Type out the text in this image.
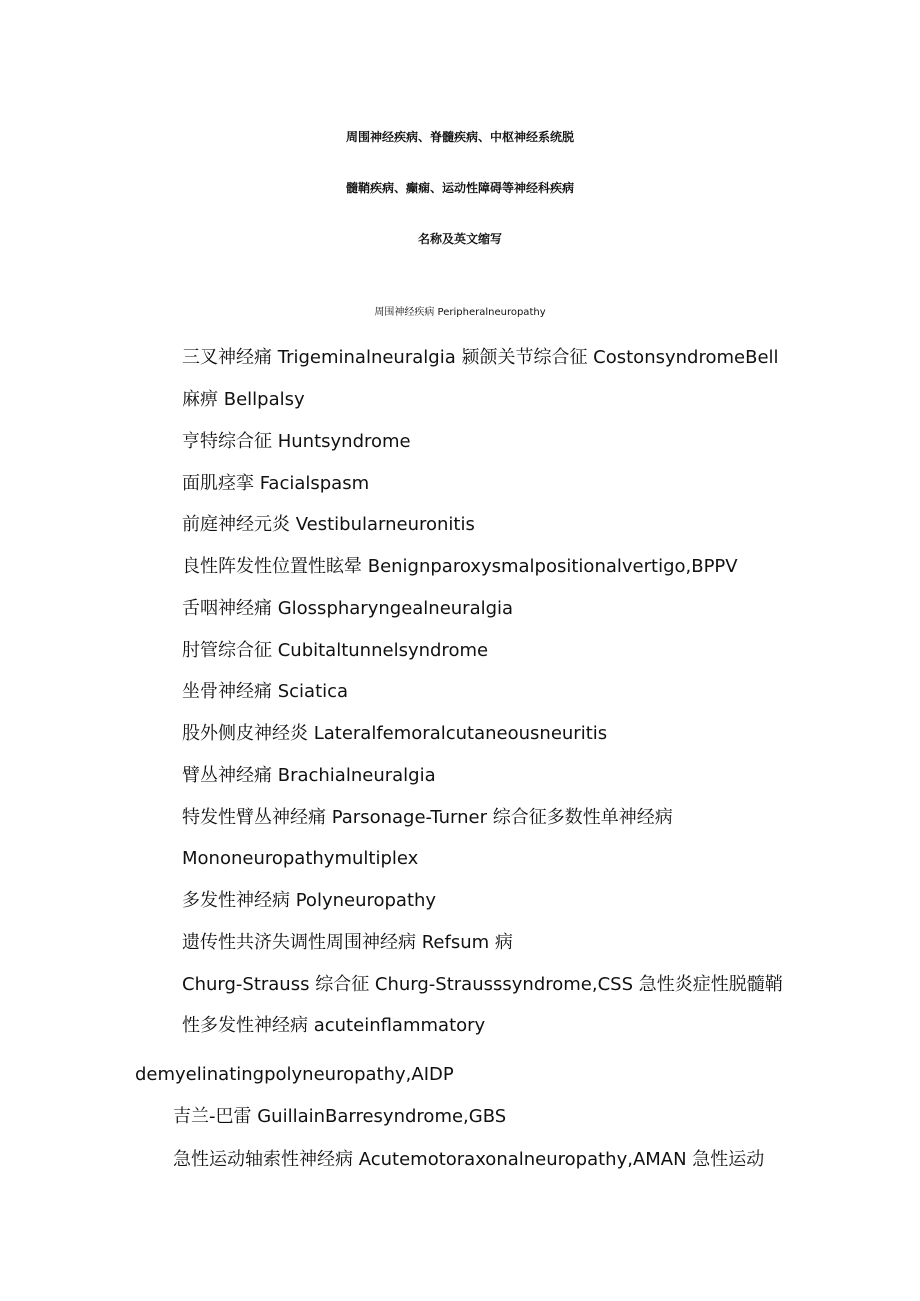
周围神经疾病、脊髓疾病、中枢神经系统脱
髓鞘疾病、癫痫、运动性障碍等神经科疾病
名称及英文缩写
周围神经疾病 Peripheralneuropathy
三叉神经痛 Trigeminalneuralgia 颍颌关节综合征 CostonsyndromeBell
麻痹 Bellpalsy
亨特综合征 Huntsyndrome
面肌痉挛 Facialspasm
前庭神经元炎 Vestibularneuronitis
良性阵发性位置性眩晕 Benignparoxysmalpositionalvertigo,BPPV
舌咽神经痛 Glosspharyngealneuralgia
肘管综合征 Cubitaltunnelsyndrome
坐骨神经痛 Sciatica
股外侧皮神经炎 Lateralfemoralcutaneousneuritis
臂丛神经痛 Brachialneuralgia
特发性臂丛神经痛 Parsonage-Turner 综合征多数性单神经病
Mononeuropathymultiplex
多发性神经病 Polyneuropathy
遗传性共济失调性周围神经病 Refsum 病
Churg-Strauss 综合征 Churg-Strausssyndrome,CSS 急性炎症性脱髓鞘
性多发性神经病 acuteinflammatory
demyelinatingpolyneuropathy,AIDP
吉兰-巴雷 GuillainBarresyndrome,GBS
急性运动轴索性神经病 Acutemotoraxonalneuropathy,AMAN 急性运动
